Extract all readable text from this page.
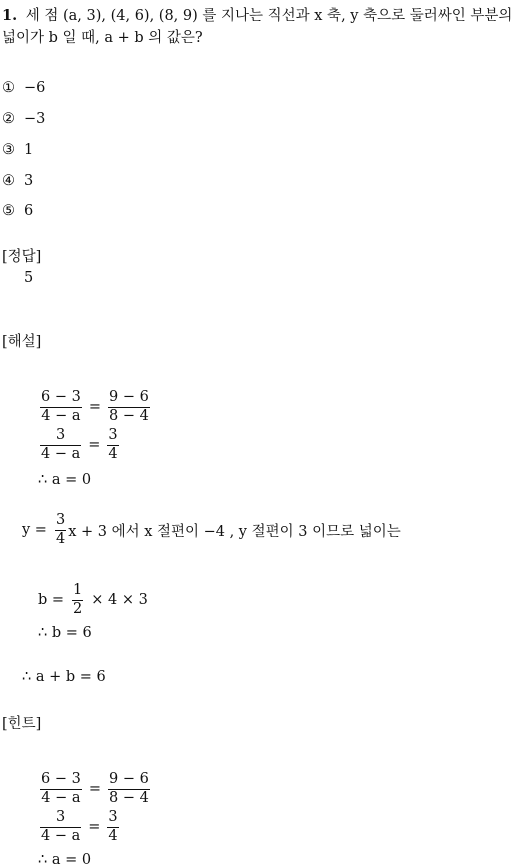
1. 세 점 (a, 3), (4, 6), (8, 9) 를 지나는 직선과 x 축, y 축으로 둘러싸인 부분의
넓이가 b 일 때, a + b 의 값은?
① −6
② −3
③ 1
④ 3
⑤ 6
[정답]
5
[해설]
$\frac{6 - 3}{4 - a} = \frac{9 - 6}{8 - 4}$
$\frac{3}{4 - a} = \frac{3}{4}$
∴ a = 0
$y = \frac{3}{4}$ x + 3 에서 x 절편이 −4 , y 절편이 3 이므로 넓이는
$b = \frac{1}{2} \times 4 \times 3$
∴ b = 6
∴ a + b = 6
[힌트]
$\frac{6 - 3}{4 - a} = \frac{9 - 6}{8 - 4}$
$\frac{3}{4 - a} = \frac{3}{4}$
∴ a = 0
